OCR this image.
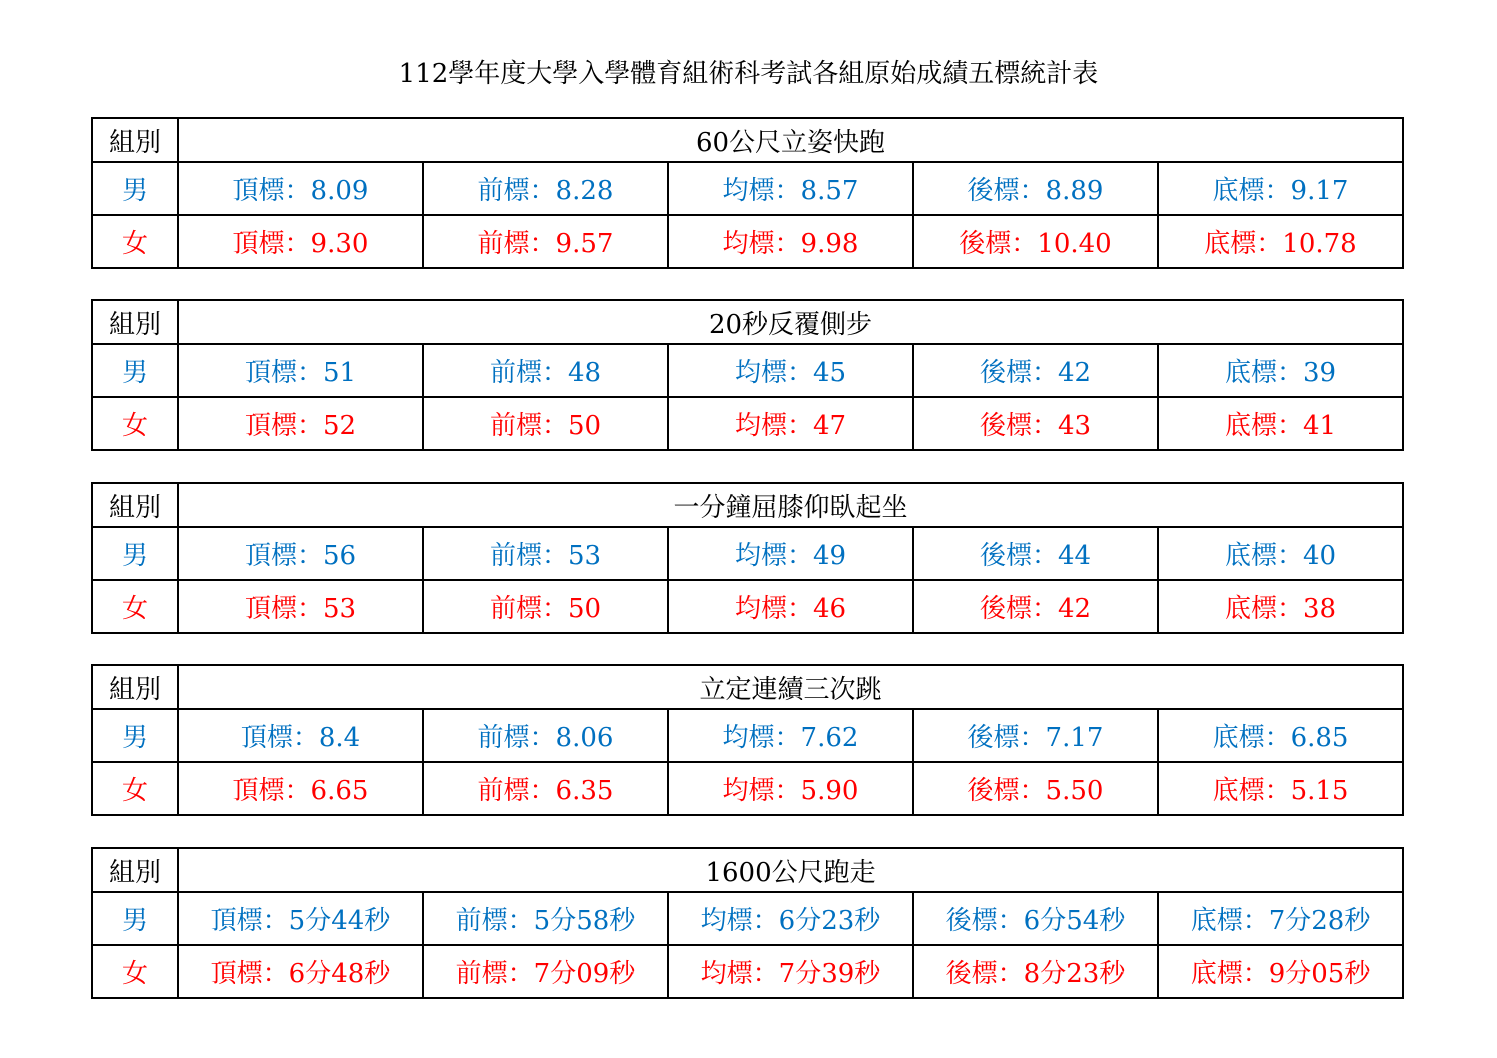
112學年度大學入學體育組術科考試各組原始成績五標統計表
組別	60公尺立姿快跑				
男	頂標：8.09	前標：8.28	均標：8.57	後標：8.89	底標：9.17
女	頂標：9.30	前標：9.57	均標：9.98	後標：10.40	底標：10.78
組別	20秒反覆側步				
男	頂標：51	前標：48	均標：45	後標：42	底標：39
女	頂標：52	前標：50	均標：47	後標：43	底標：41
組別	一分鐘屈膝仰臥起坐				
男	頂標：56	前標：53	均標：49	後標：44	底標：40
女	頂標：53	前標：50	均標：46	後標：42	底標：38
組別	立定連續三次跳				
男	頂標：8.4	前標：8.06	均標：7.62	後標：7.17	底標：6.85
女	頂標：6.65	前標：6.35	均標：5.90	後標：5.50	底標：5.15
組別	1600公尺跑走				
男	頂標：5分44秒	前標：5分58秒	均標：6分23秒	後標：6分54秒	底標：7分28秒
女	頂標：6分48秒	前標：7分09秒	均標：7分39秒	後標：8分23秒	底標：9分05秒
